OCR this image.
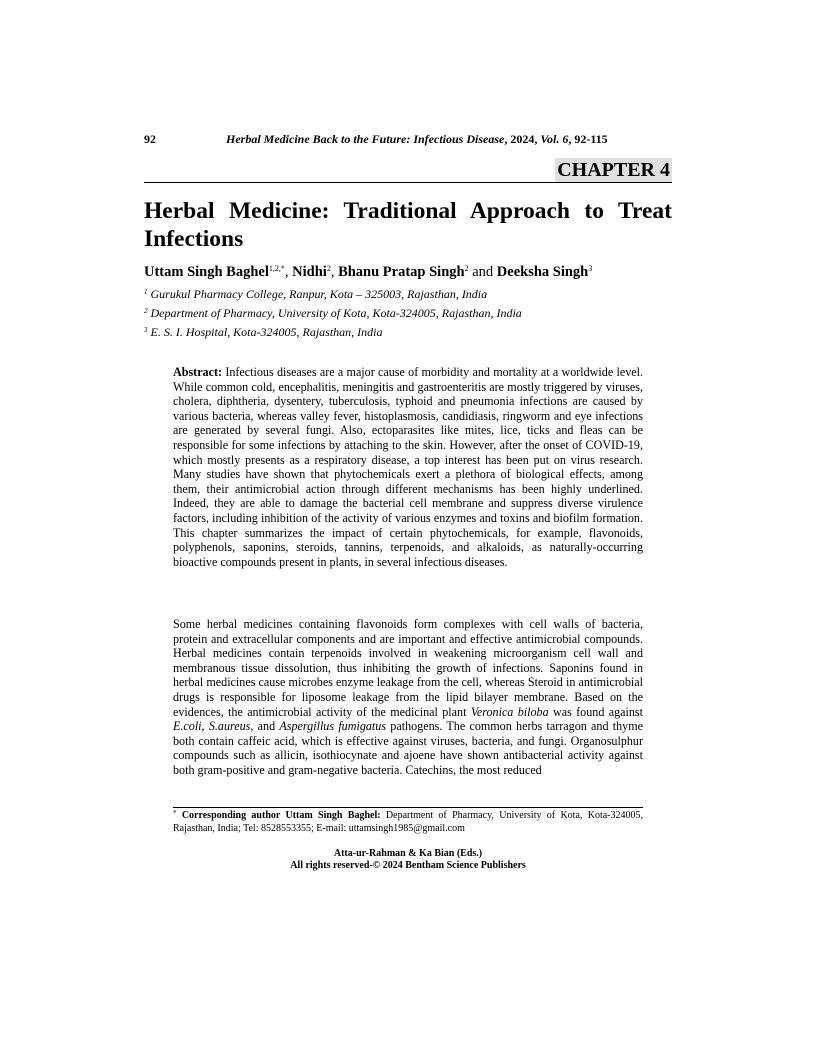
92	Herbal Medicine Back to the Future: Infectious Disease, 2024, Vol. 6, 92-115
CHAPTER 4
Herbal Medicine: Traditional Approach to Treat Infections
Uttam Singh Baghel$^{1,2,*}$, Nidhi$^2$, Bhanu Pratap Singh$^2$ and Deeksha Singh$^3$
$^1$ Gurukul Pharmacy College, Ranpur, Kota – 325003, Rajasthan, India
$^2$ Department of Pharmacy, University of Kota, Kota-324005, Rajasthan, India
$^3$ E. S. I. Hospital, Kota-324005, Rajasthan, India
Abstract: Infectious diseases are a major cause of morbidity and mortality at a worldwide level. While common cold, encephalitis, meningitis and gastroenteritis are mostly triggered by viruses, cholera, diphtheria, dysentery, tuberculosis, typhoid and pneumonia infections are caused by various bacteria, whereas valley fever, histoplasmosis, candidiasis, ringworm and eye infections are generated by several fungi. Also, ectoparasites like mites, lice, ticks and fleas can be responsible for some infections by attaching to the skin. However, after the onset of COVID-19, which mostly presents as a respiratory disease, a top interest has been put on virus research. Many studies have shown that phytochemicals exert a plethora of biological effects, among them, their antimicrobial action through different mechanisms has been highly underlined. Indeed, they are able to damage the bacterial cell membrane and suppress diverse virulence factors, including inhibition of the activity of various enzymes and toxins and biofilm formation. This chapter summarizes the impact of certain phytochemicals, for example, flavonoids, polyphenols, saponins, steroids, tannins, terpenoids, and alkaloids, as naturally-occurring bioactive compounds present in plants, in several infectious diseases.
Some herbal medicines containing flavonoids form complexes with cell walls of bacteria, protein and extracellular components and are important and effective antimicrobial compounds. Herbal medicines contain terpenoids involved in weakening microorganism cell wall and membranous tissue dissolution, thus inhibiting the growth of infections. Saponins found in herbal medicines cause microbes enzyme leakage from the cell, whereas Steroid in antimicrobial drugs is responsible for liposome leakage from the lipid bilayer membrane. Based on the evidences, the antimicrobial activity of the medicinal plant Veronica biloba was found against E.coli, S.aureus, and Aspergillus fumigatus pathogens. The common herbs tarragon and thyme both contain caffeic acid, which is effective against viruses, bacteria, and fungi. Organosulphur compounds such as allicin, isothiocynate and ajoene have shown antibacterial activity against both gram-positive and gram-negative bacteria. Catechins, the most reduced
* Corresponding author Uttam Singh Baghel: Department of Pharmacy, University of Kota, Kota-324005, Rajasthan, India; Tel: 8528553355; E-mail: uttamsingh1985@gmail.com
Atta-ur-Rahman & Ka Bian (Eds.)
All rights reserved-© 2024 Bentham Science Publishers
